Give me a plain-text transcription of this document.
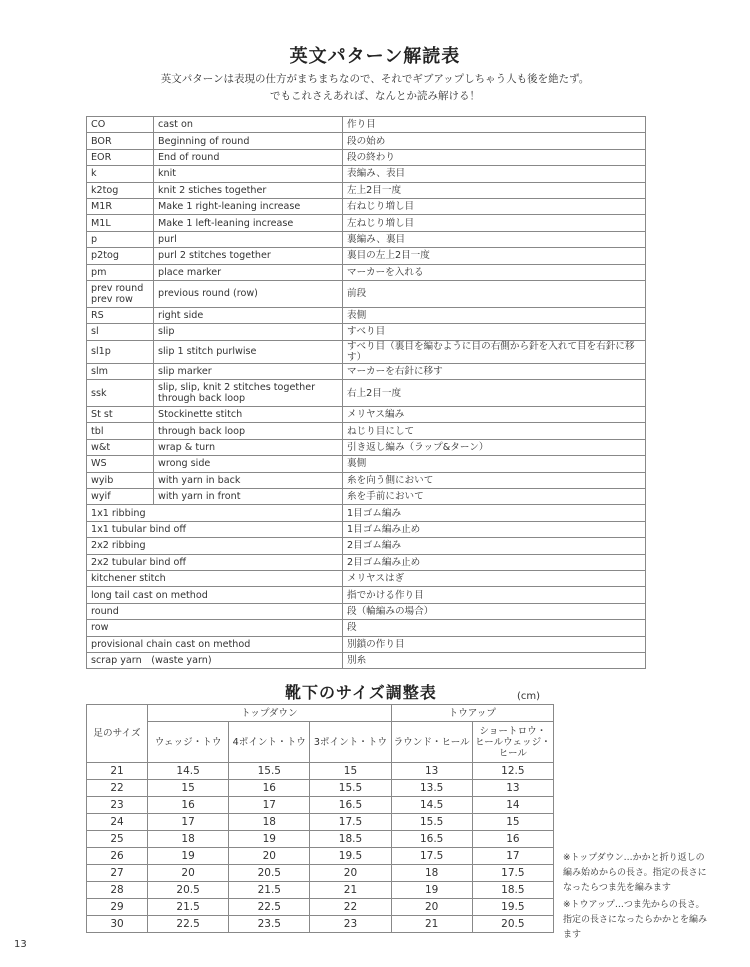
英文パターン解読表
英文パターンは表現の仕方がまちまちなので、それでギブアップしちゃう人も後を絶たず。
でもこれさえあれば、なんとか読み解ける！
CO	cast on	作り目
BOR	Beginning of round	段の始め
EOR	End of round	段の終わり
k	knit	表編み、表目
k2tog	knit 2 stiches together	左上2目一度
M1R	Make 1 right-leaning increase	右ねじり増し目
M1L	Make 1 left-leaning increase	左ねじり増し目
p	purl	裏編み、裏目
p2tog	purl 2 stitches together	裏目の左上2目一度
pm	place marker	マーカーを入れる
prev round
prev row	previous round (row)	前段
RS	right side	表側
sl	slip	すべり目
sl1p	slip 1 stitch purlwise	すべり目（裏目を編むように目の右側から針を入れて目を右針に移す）
slm	slip marker	マーカーを右針に移す
ssk	slip, slip, knit 2 stitches together through back loop	右上2目一度
St st	Stockinette stitch	メリヤス編み
tbl	through back loop	ねじり目にして
w&t	wrap & turn	引き返し編み（ラップ&ターン）
WS	wrong side	裏側
wyib	with yarn in back	糸を向う側において
wyif	with yarn in front	糸を手前において
1x1 ribbing		1目ゴム編み
1x1 tubular bind off		1目ゴム編み止め
2x2 ribbing		2目ゴム編み
2x2 tubular bind off		2目ゴム編み止め
kitchener stitch		メリヤスはぎ
long tail cast on method		指でかける作り目
round		段（輪編みの場合）
row		段
provisional chain cast on method		別鎖の作り目
scrap yarn　(waste yarn)		別糸
靴下のサイズ調整表	(cm)
足のサイズ	トップダウン			トウアップ	
	ウェッジ・トウ	4ポイント・トウ	3ポイント・トウ	ラウンド・ヒール	ショートロウ・
ヒールウェッジ・
ヒール
21	14.5	15.5	15	13	12.5
22	15	16	15.5	13.5	13
23	16	17	16.5	14.5	14
24	17	18	17.5	15.5	15
25	18	19	18.5	16.5	16
26	19	20	19.5	17.5	17
27	20	20.5	20	18	17.5
28	20.5	21.5	21	19	18.5
29	21.5	22.5	22	20	19.5
30	22.5	23.5	23	21	20.5
※トップダウン…かかと折り返しの編み始めからの長さ。指定の長さになったらつま先を編みます
※トウアップ…つま先からの長さ。指定の長さになったらかかとを編みます
13
